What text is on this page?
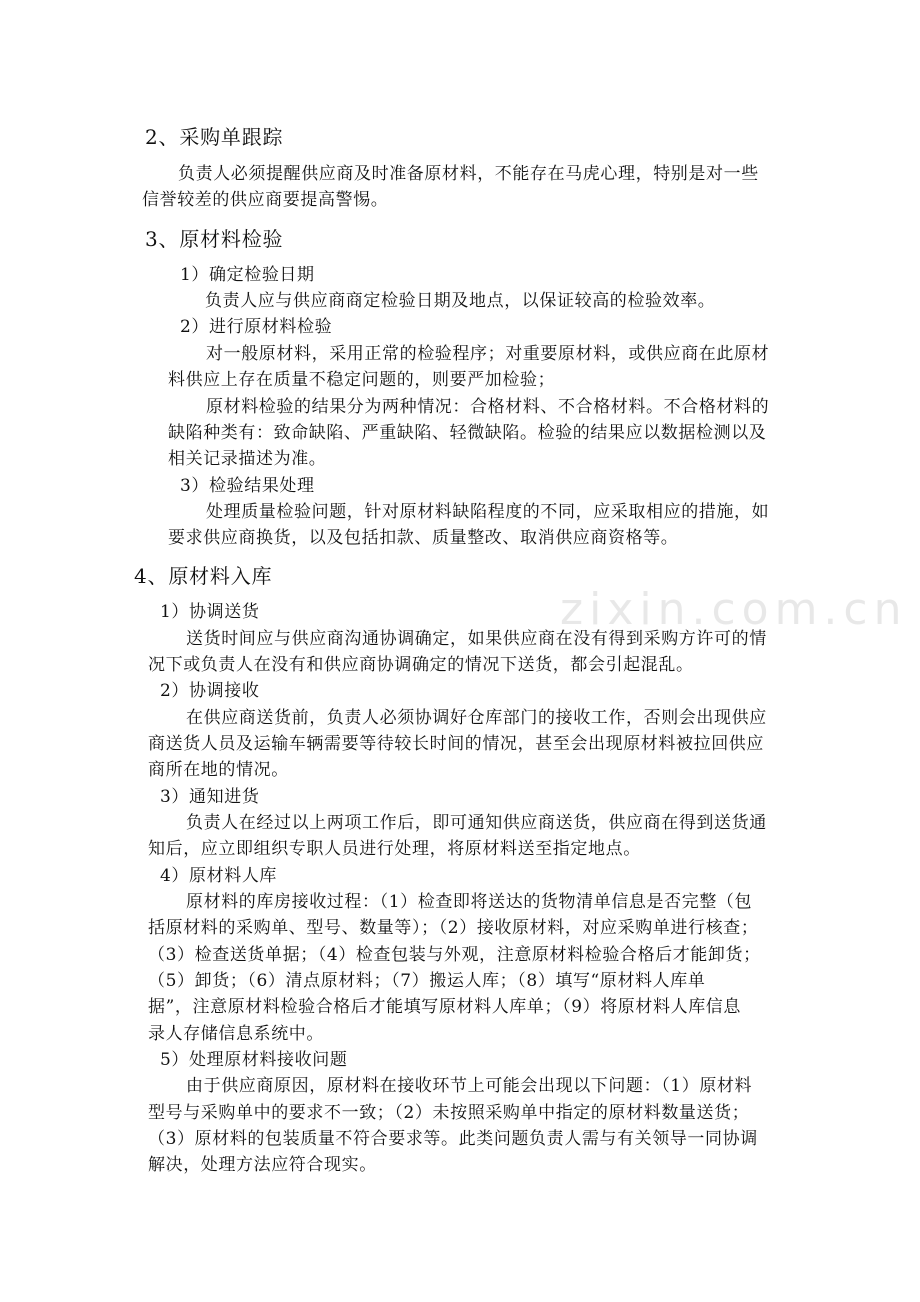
zixin.com.cn
2、采购单跟踪
负责人必须提醒供应商及时准备原材料，不能存在马虎心理，特别是对一些
信誉较差的供应商要提高警惕。
3、原材料检验
1）确定检验日期
负责人应与供应商商定检验日期及地点，以保证较高的检验效率。
2）进行原材料检验
对一般原材料，采用正常的检验程序；对重要原材料，或供应商在此原材
料供应上存在质量不稳定问题的，则要严加检验；
原材料检验的结果分为两种情况：合格材料、不合格材料。不合格材料的
缺陷种类有：致命缺陷、严重缺陷、轻微缺陷。检验的结果应以数据检测以及
相关记录描述为准。
3）检验结果处理
处理质量检验问题，针对原材料缺陷程度的不同，应采取相应的措施，如
要求供应商换货，以及包括扣款、质量整改、取消供应商资格等。
4、原材料入库
1）协调送货
送货时间应与供应商沟通协调确定，如果供应商在没有得到采购方许可的情
况下或负责人在没有和供应商协调确定的情况下送货，都会引起混乱。
2）协调接收
在供应商送货前，负责人必须协调好仓库部门的接收工作，否则会出现供应
商送货人员及运输车辆需要等待较长时间的情况，甚至会出现原材料被拉回供应
商所在地的情况。
3）通知进货
负责人在经过以上两项工作后，即可通知供应商送货，供应商在得到送货通
知后，应立即组织专职人员进行处理，将原材料送至指定地点。
4）原材料人库
原材料的库房接收过程：（1）检查即将送达的货物清单信息是否完整（包
括原材料的采购单、型号、数量等）；（2）接收原材料，对应采购单进行核查；
（3）检查送货单据；（4）检查包装与外观，注意原材料检验合格后才能卸货；
（5）卸货；（6）清点原材料；（7）搬运人库；（8）填写“原材料人库单
据”，注意原材料检验合格后才能填写原材料人库单；（9）将原材料人库信息
录人存储信息系统中。
5）处理原材料接收问题
由于供应商原因，原材料在接收环节上可能会出现以下问题：（1）原材料
型号与采购单中的要求不一致；（2）未按照采购单中指定的原材料数量送货；
（3）原材料的包装质量不符合要求等。此类问题负责人需与有关领导一同协调
解决，处理方法应符合现实。
